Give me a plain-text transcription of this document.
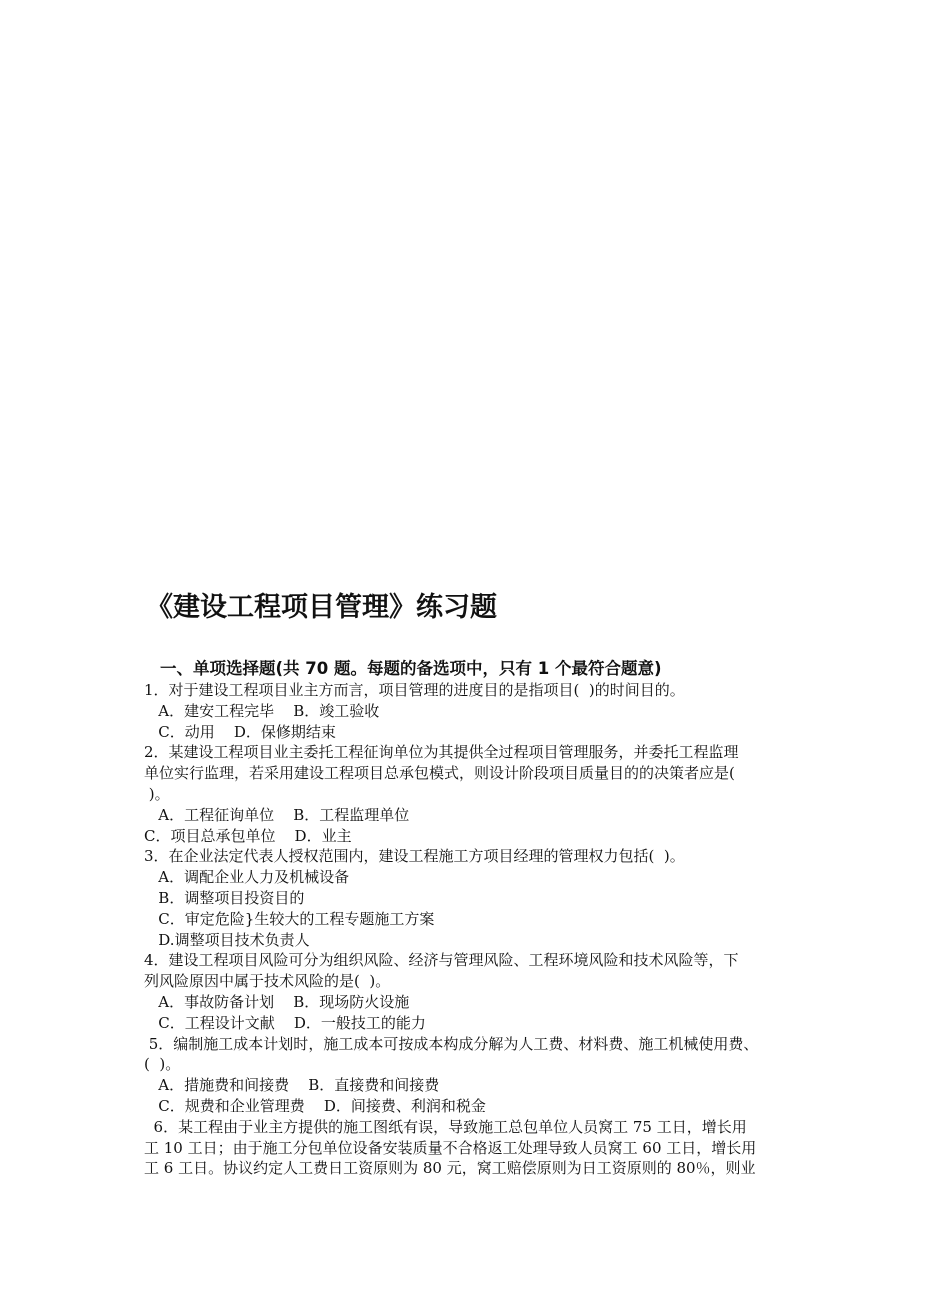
《建设工程项目管理》练习题
一、单项选择题(共 70 题。每题的备选项中，只有 1 个最符合题意)
1．对于建设工程项目业主方而言，项目管理的进度目的是指项目(  )的时间目的。
A．建安工程完毕    B．竣工验收
C．动用    D．保修期结束
2．某建设工程项目业主委托工程征询单位为其提供全过程项目管理服务，并委托工程监理
单位实行监理，若采用建设工程项目总承包模式，则设计阶段项目质量目的的决策者应是(
)。
A．工程征询单位    B．工程监理单位
C．项目总承包单位    D．业主
3．在企业法定代表人授权范围内，建设工程施工方项目经理的管理权力包括(  )。
A．调配企业人力及机械设备
B．调整项目投资目的
C．审定危险}生较大的工程专题施工方案
D.调整项目技术负责人
4．建设工程项目风险可分为组织风险、经济与管理风险、工程环境风险和技术风险等，下
列风险原因中属于技术风险的是(  )。
A．事故防备计划    B．现场防火设施
C．工程设计文献    D．一般技工的能力
5．编制施工成本计划时，施工成本可按成本构成分解为人工费、材料费、施工机械使用费、
(  )。
A．措施费和间接费    B．直接费和间接费
C．规费和企业管理费    D．间接费、利润和税金
6．某工程由于业主方提供的施工图纸有误，导致施工总包单位人员窝工 75 工日，增长用
工 10 工日；由于施工分包单位设备安装质量不合格返工处理导致人员窝工 60 工日，增长用
工 6 工日。协议约定人工费日工资原则为 80 元，窝工赔偿原则为日工资原则的 80％，则业
